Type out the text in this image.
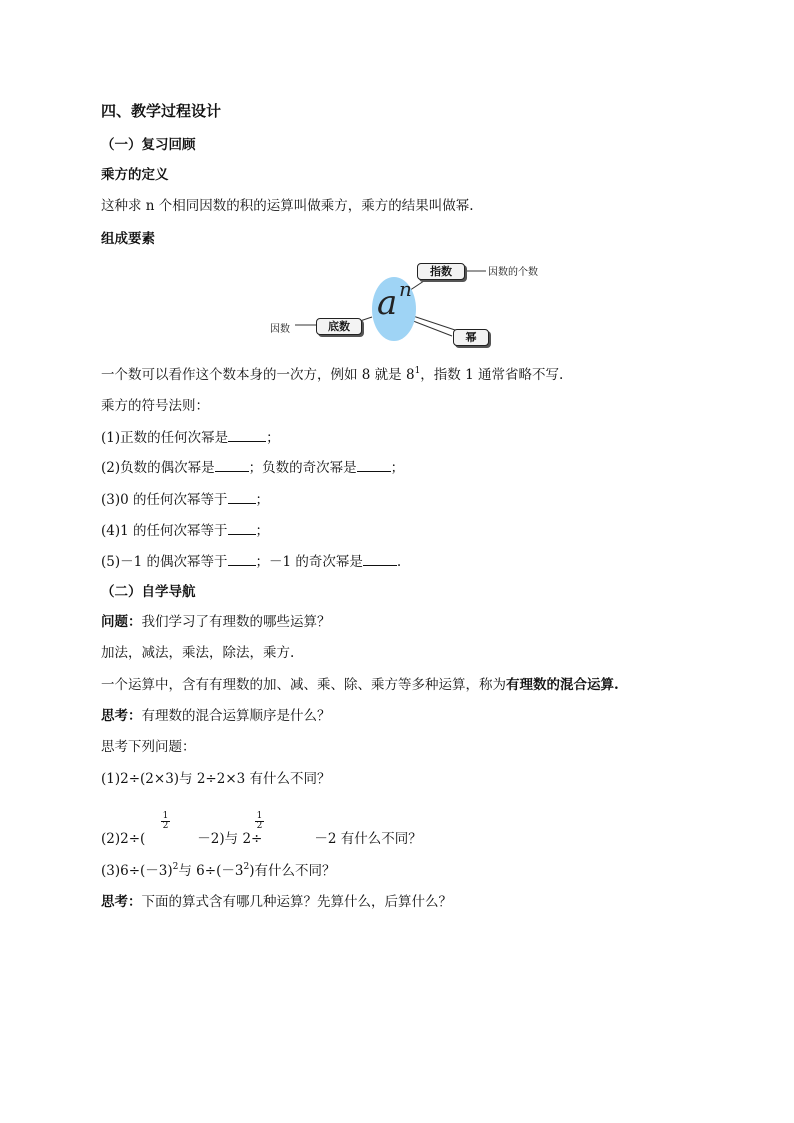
四、教学过程设计
（一）复习回顾
乘方的定义
这种求 n 个相同因数的积的运算叫做乘方，乘方的结果叫做幂.
组成要素
a n
指数
底数
幂
因数的个数
因数
一个数可以看作这个数本身的一次方，例如 8 就是 $8^1$，指数 1 通常省略不写.
乘方的符号法则：
(1)正数的任何次幂是	；
(2)负数的偶次幂是	；负数的奇次幂是	；
(3)0 的任何次幂等于 ；
(4)1 的任何次幂等于 ；
(5)－1 的偶次幂等于 ；－1 的奇次幂是	.
（二）自学导航
问题：我们学习了有理数的哪些运算？
加法，减法，乘法，除法，乘方.
一个运算中，含有有理数的加、减、乘、除、乘方等多种运算，称为有理数的混合运算.
思考：有理数的混合运算顺序是什么？
思考下列问题：
(1)2÷(2×3)与 2÷2×3 有什么不同？
(2)2÷(	－2)与 2÷	－2 有什么不同？
$\frac{1}{2}$	$\frac{1}{2}$
$(3)6\div(-3)^2$与 $6\div(-3^2)$有什么不同？
思考：下面的算式含有哪几种运算？先算什么，后算什么？
